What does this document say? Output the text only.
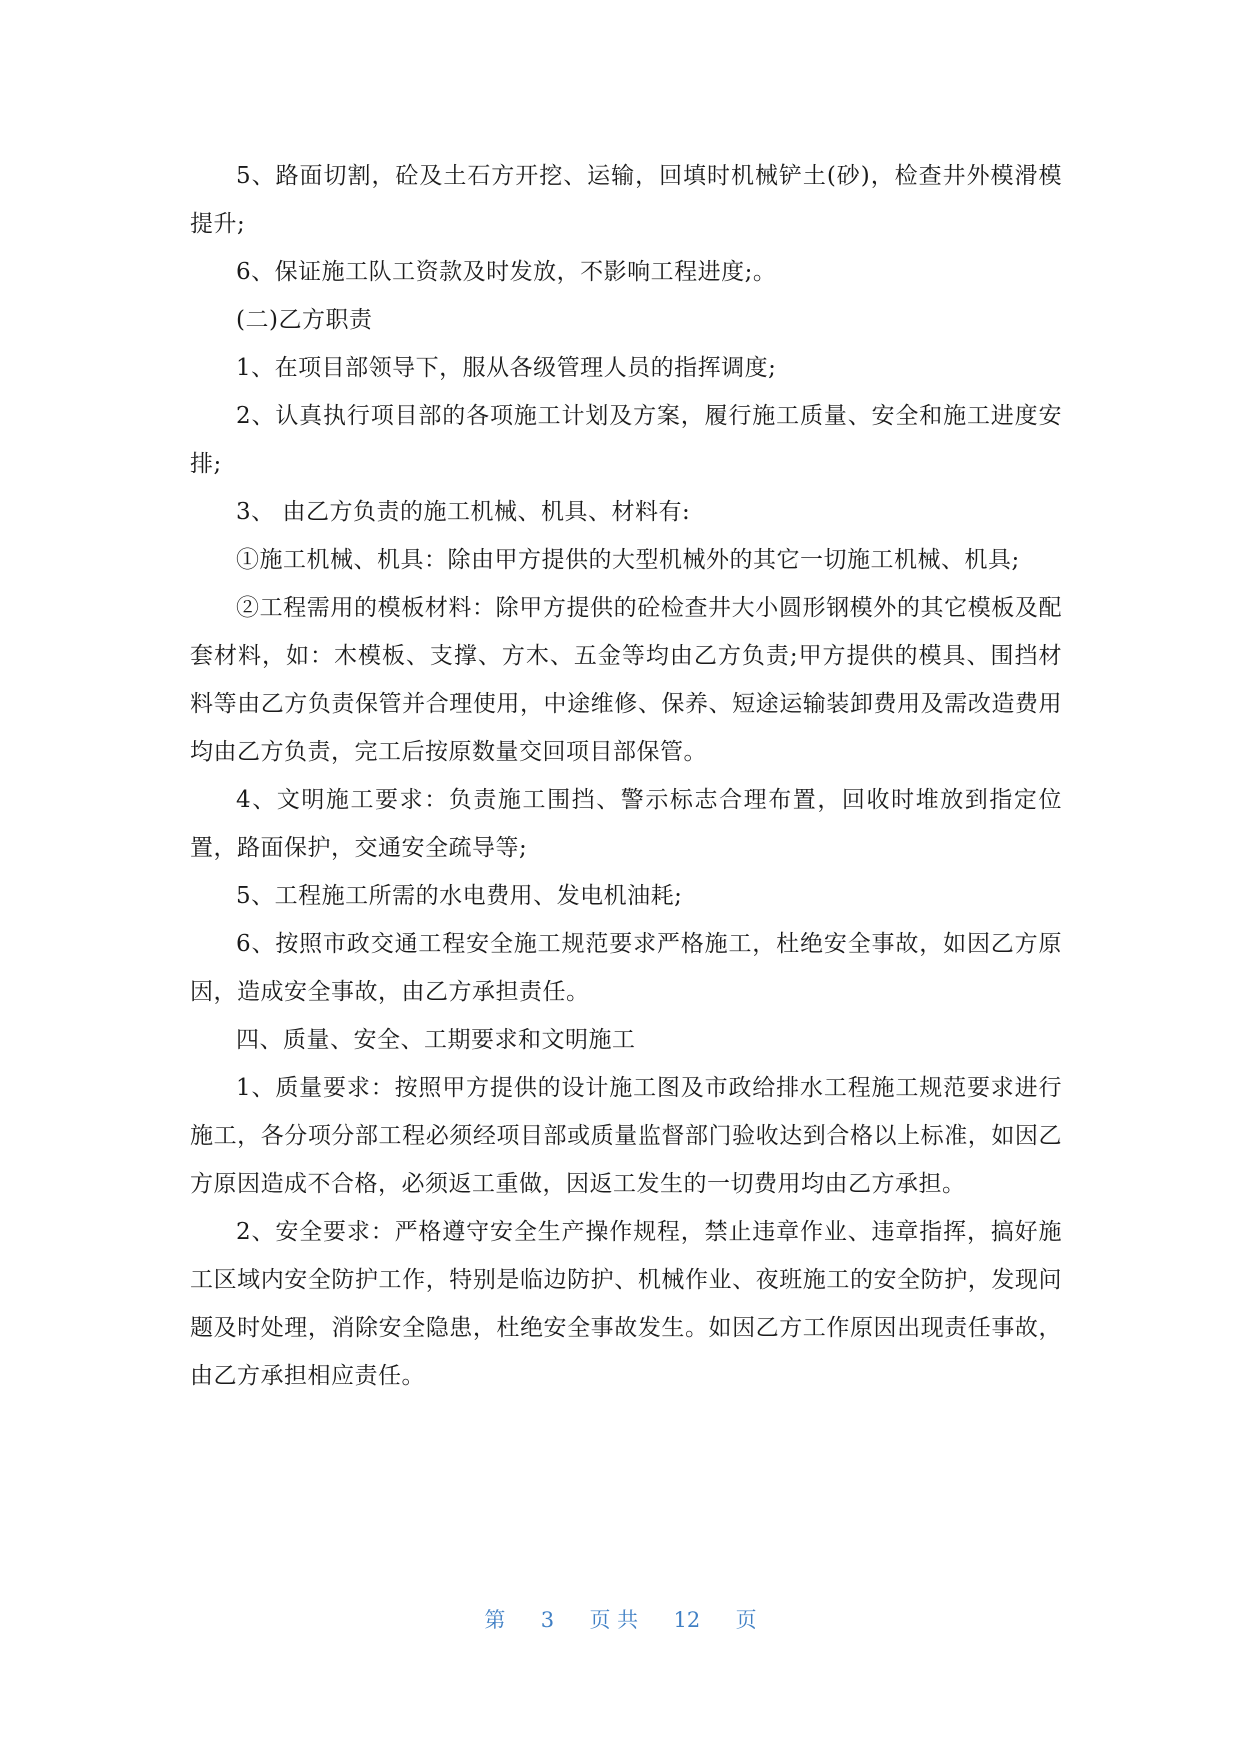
5、路面切割，砼及土石方开挖、运输，回填时机械铲土(砂)，检查井外模滑模提升;

6、保证施工队工资款及时发放，不影响工程进度;。

(二)乙方职责

1、在项目部领导下，服从各级管理人员的指挥调度;

2、认真执行项目部的各项施工计划及方案，履行施工质量、安全和施工进度安排;

3、 由乙方负责的施工机械、机具、材料有:

①施工机械、机具：除由甲方提供的大型机械外的其它一切施工机械、机具;

②工程需用的模板材料：除甲方提供的砼检查井大小圆形钢模外的其它模板及配套材料，如：木模板、支撑、方木、五金等均由乙方负责;甲方提供的模具、围挡材料等由乙方负责保管并合理使用，中途维修、保养、短途运输装卸费用及需改造费用均由乙方负责，完工后按原数量交回项目部保管。

4、文明施工要求：负责施工围挡、警示标志合理布置，回收时堆放到指定位置，路面保护，交通安全疏导等;

5、工程施工所需的水电费用、发电机油耗;

6、按照市政交通工程安全施工规范要求严格施工，杜绝安全事故，如因乙方原因，造成安全事故，由乙方承担责任。

四、质量、安全、工期要求和文明施工

1、质量要求：按照甲方提供的设计施工图及市政给排水工程施工规范要求进行施工，各分项分部工程必须经项目部或质量监督部门验收达到合格以上标准，如因乙方原因造成不合格，必须返工重做，因返工发生的一切费用均由乙方承担。

2、安全要求：严格遵守安全生产操作规程，禁止违章作业、违章指挥，搞好施工区域内安全防护工作，特别是临边防护、机械作业、夜班施工的安全防护，发现问题及时处理，消除安全隐患，杜绝安全事故发生。如因乙方工作原因出现责任事故，由乙方承担相应责任。

第 3 页 共 12 页
